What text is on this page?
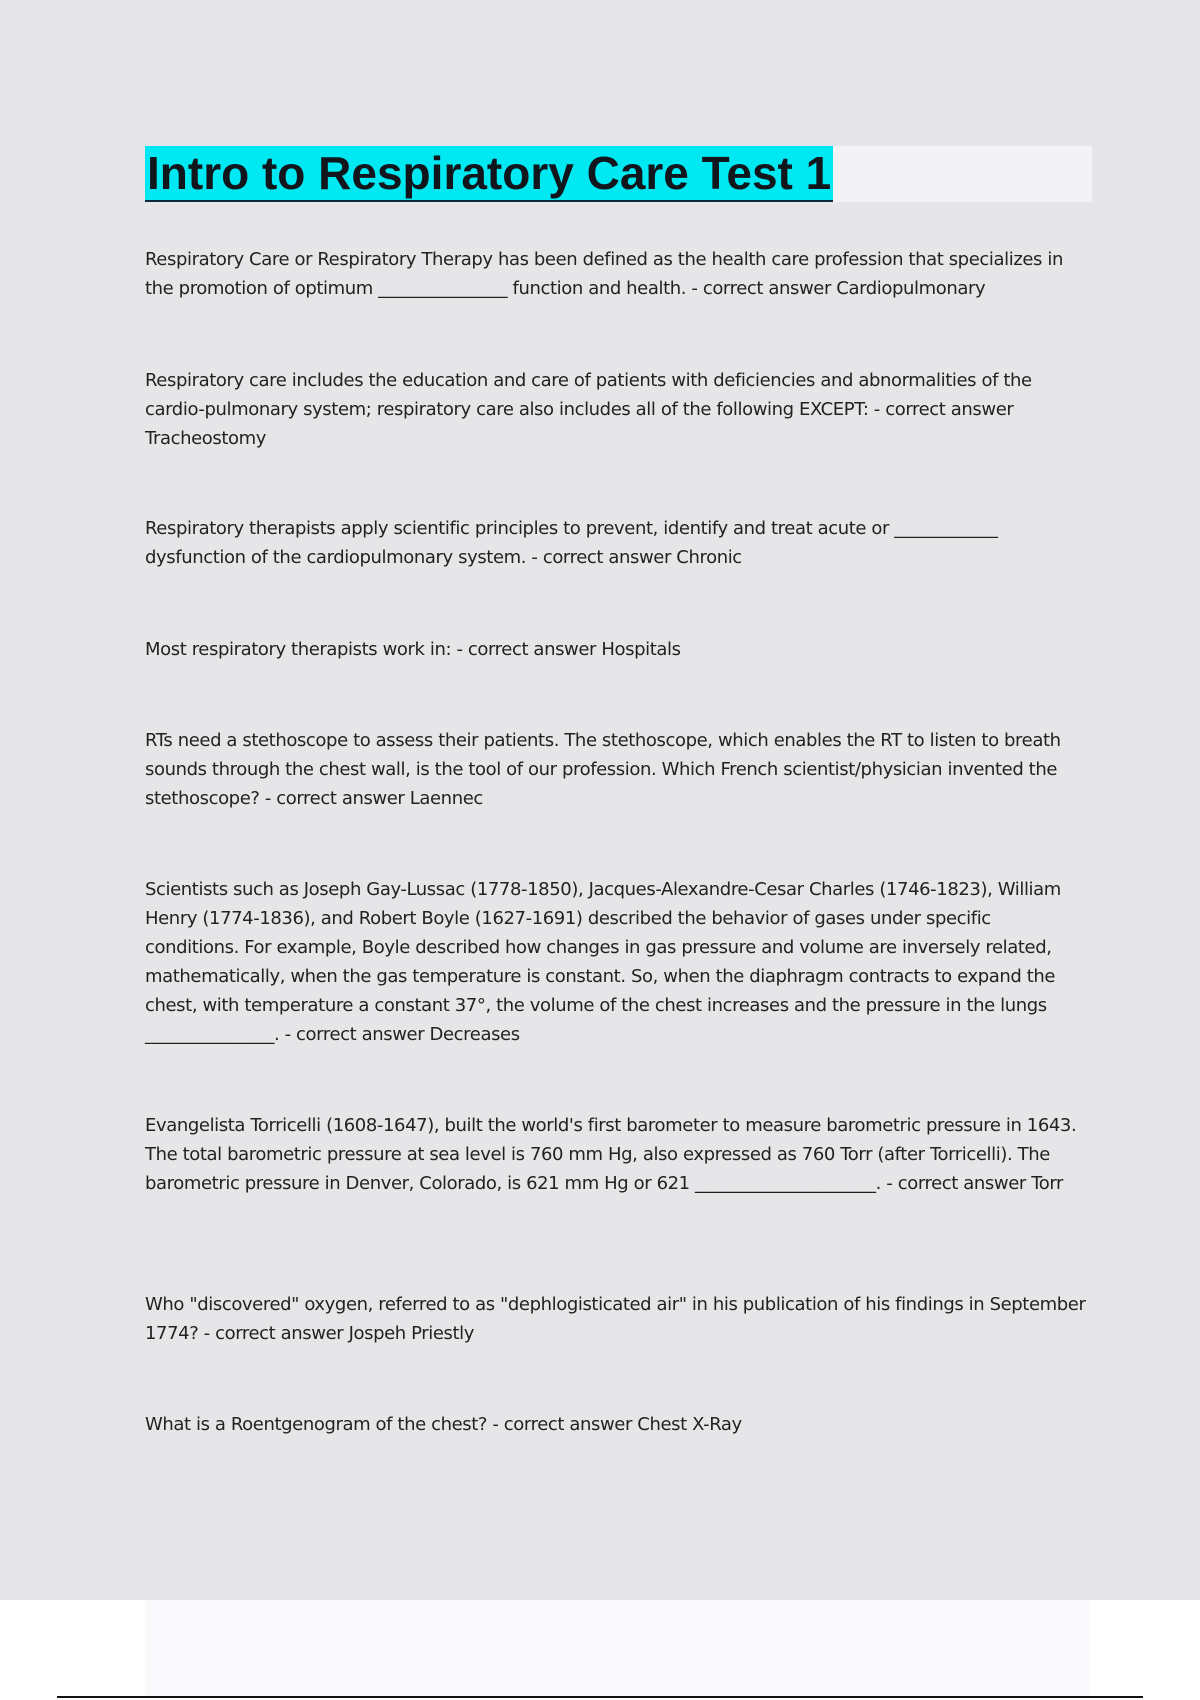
Intro to Respiratory Care Test 1

Respiratory Care or Respiratory Therapy has been defined as the health care profession that specializes in the promotion of optimum _______________ function and health. - correct answer Cardiopulmonary

Respiratory care includes the education and care of patients with deficiencies and abnormalities of the cardio-pulmonary system; respiratory care also includes all of the following EXCEPT: - correct answer Tracheostomy

Respiratory therapists apply scientific principles to prevent, identify and treat acute or ____________ dysfunction of the cardiopulmonary system. - correct answer Chronic

Most respiratory therapists work in: - correct answer Hospitals

RTs need a stethoscope to assess their patients. The stethoscope, which enables the RT to listen to breath sounds through the chest wall, is the tool of our profession. Which French scientist/physician invented the stethoscope? - correct answer Laennec

Scientists such as Joseph Gay-Lussac (1778-1850), Jacques-Alexandre-Cesar Charles (1746-1823), William Henry (1774-1836), and Robert Boyle (1627-1691) described the behavior of gases under specific conditions. For example, Boyle described how changes in gas pressure and volume are inversely related, mathematically, when the gas temperature is constant. So, when the diaphragm contracts to expand the chest, with temperature a constant 37°, the volume of the chest increases and the pressure in the lungs _______________. - correct answer Decreases

Evangelista Torricelli (1608-1647), built the world's first barometer to measure barometric pressure in 1643. The total barometric pressure at sea level is 760 mm Hg, also expressed as 760 Torr (after Torricelli). The barometric pressure in Denver, Colorado, is 621 mm Hg or 621 _____________________. - correct answer Torr

Who "discovered" oxygen, referred to as "dephlogisticated air" in his publication of his findings in September 1774? - correct answer Jospeh Priestly

What is a Roentgenogram of the chest? - correct answer Chest X-Ray
